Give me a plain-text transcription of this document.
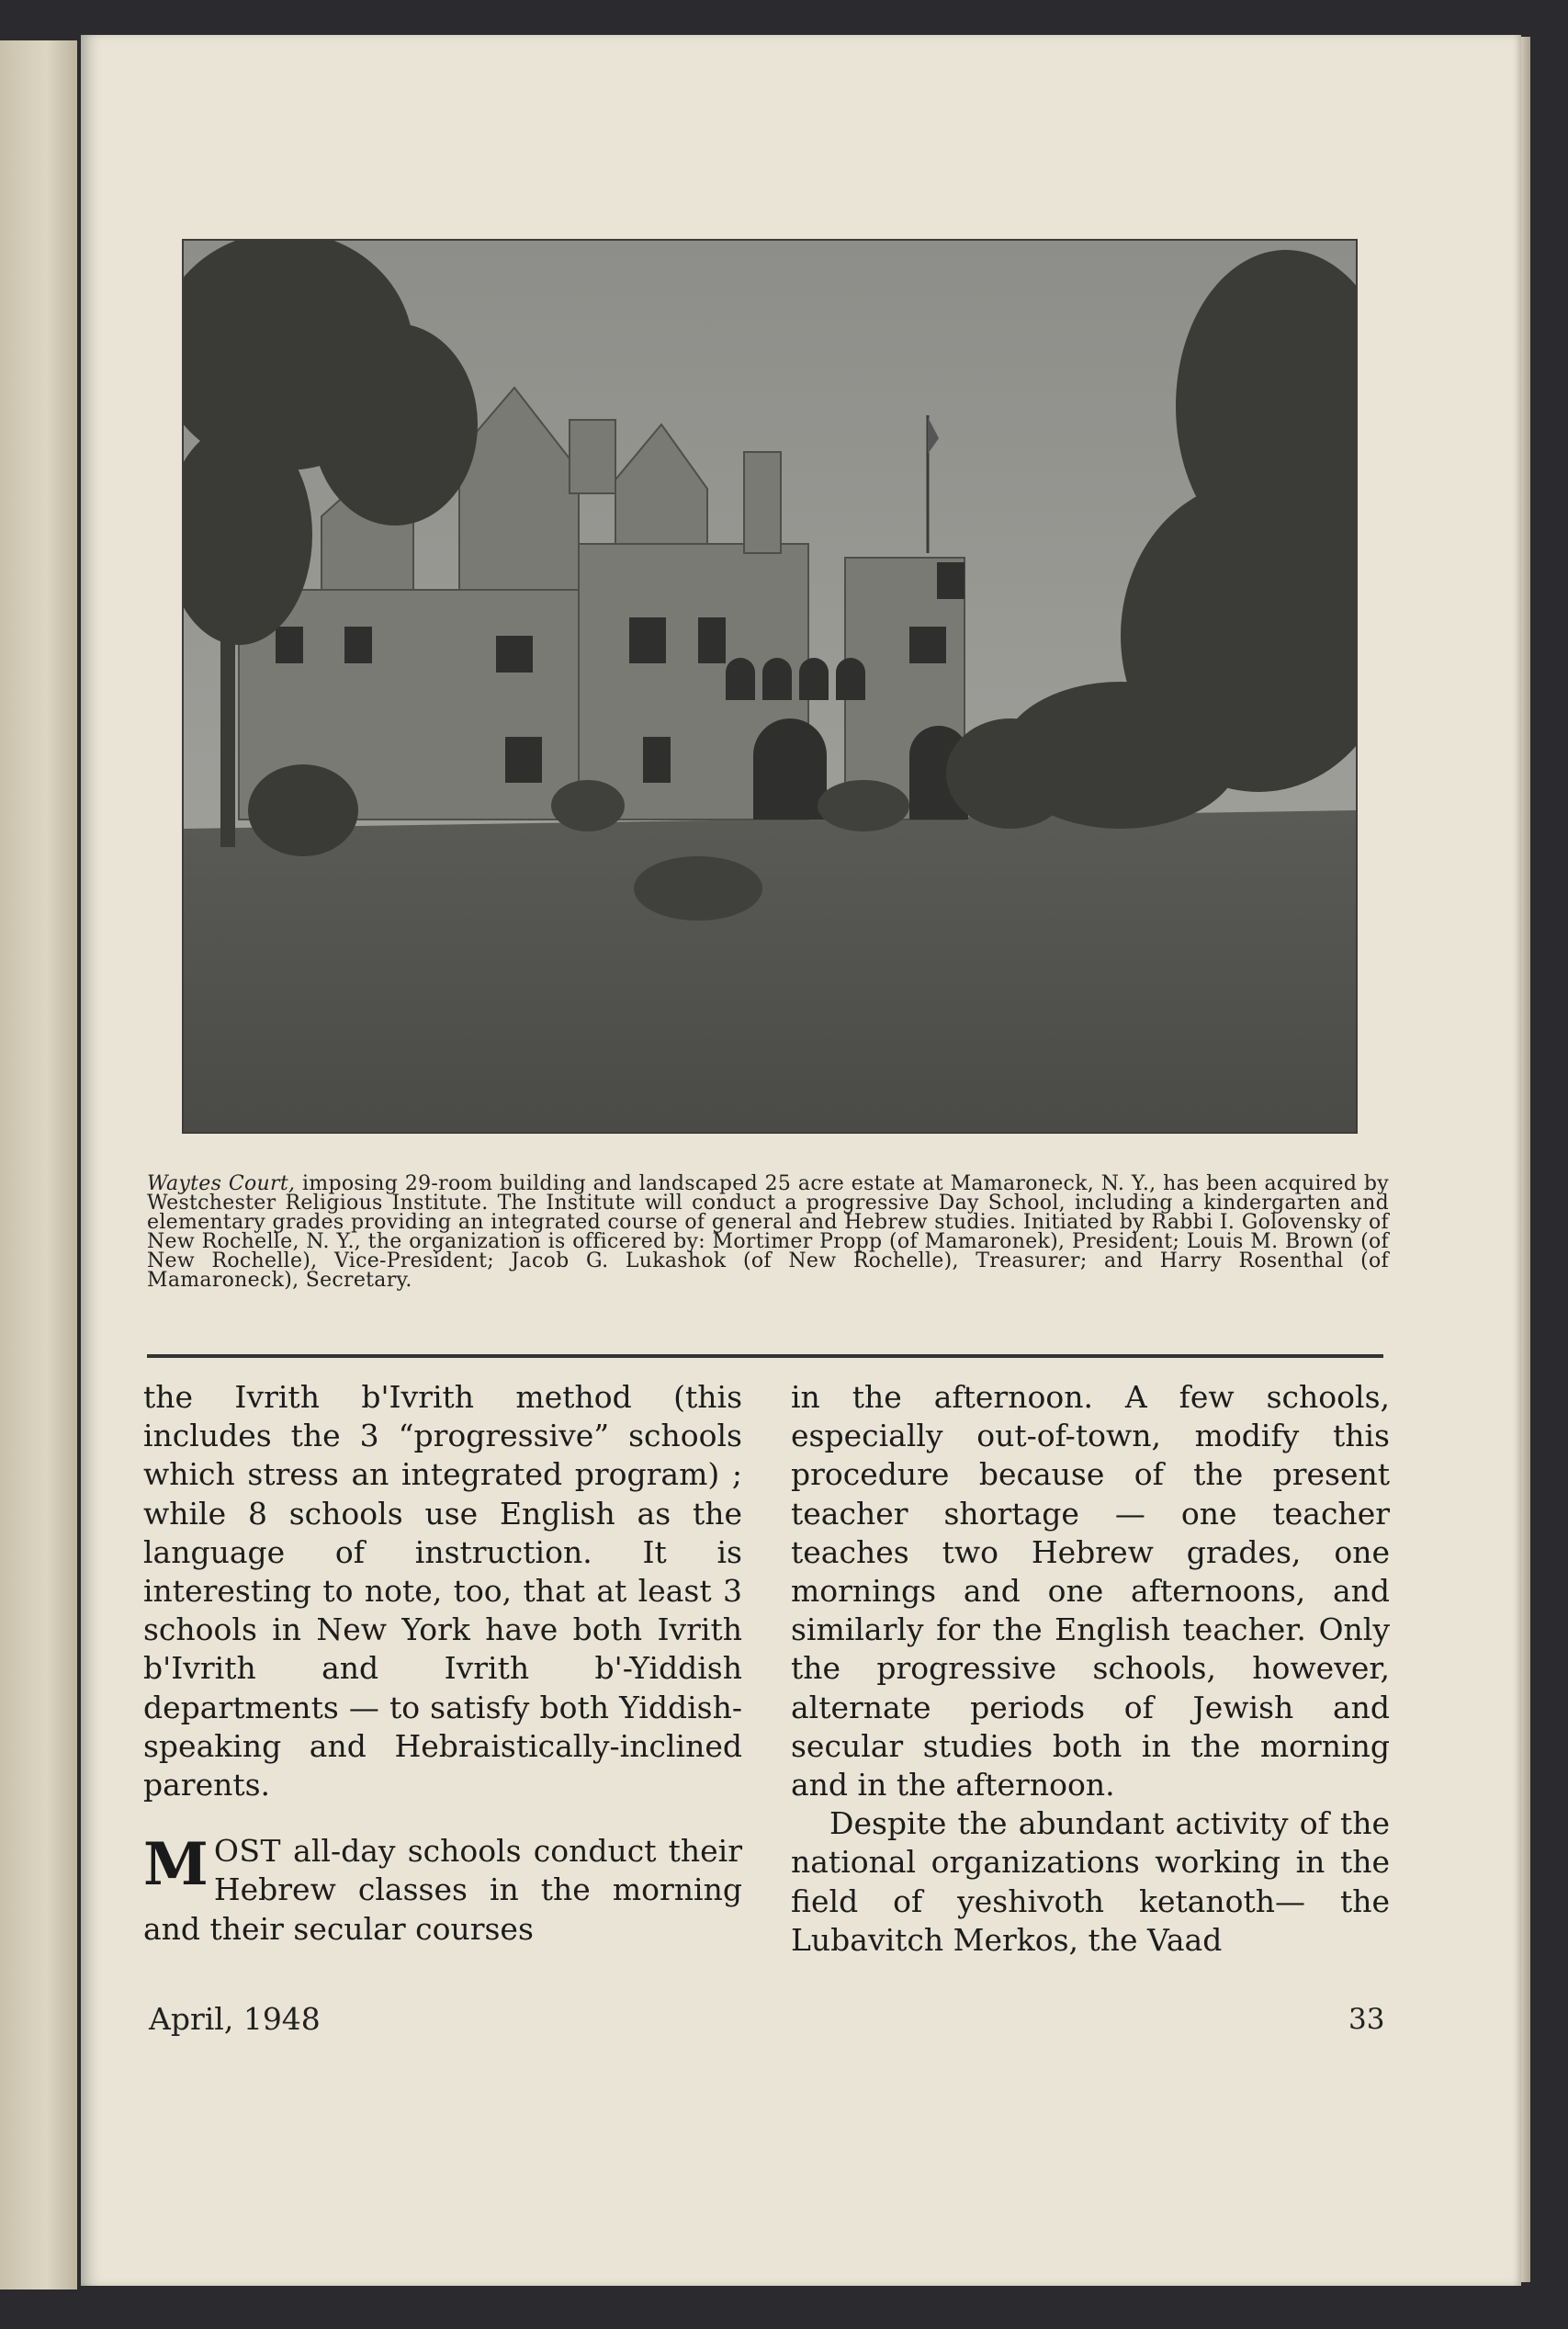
Waytes Court, imposing 29-room building and landscaped 25 acre estate at Mamaroneck, N. Y., has been acquired by Westchester Religious Institute. The Institute will conduct a progressive Day School, including a kindergarten and elementary grades providing an integrated course of general and Hebrew studies. Initiated by Rabbi I. Golovensky of New Rochelle, N. Y., the organization is officered by: Mortimer Propp (of Mamaronek), President; Louis M. Brown (of New Rochelle), Vice-President; Jacob G. Lukashok (of New Rochelle), Treasurer; and Harry Rosenthal (of Mamaroneck), Secretary.

the Ivrith b'Ivrith method (this includes the 3 “progressive” schools which stress an integrated program) ; while 8 schools use English as the language of instruction. It is interesting to note, too, that at least 3 schools in New York have both Ivrith b'Ivrith and Ivrith b'-Yiddish departments — to satisfy both Yiddish-speaking and Hebraistically-inclined parents.

MOST all-day schools conduct their Hebrew classes in the morning and their secular courses

in the afternoon. A few schools, especially out-of-town, modify this procedure because of the present teacher shortage — one teacher teaches two Hebrew grades, one mornings and one afternoons, and similarly for the English teacher. Only the progressive schools, however, alternate periods of Jewish and secular studies both in the morning and in the afternoon.

Despite the abundant activity of the national organizations working in the field of yeshivoth ketanoth— the Lubavitch Merkos, the Vaad

April, 1948	33
